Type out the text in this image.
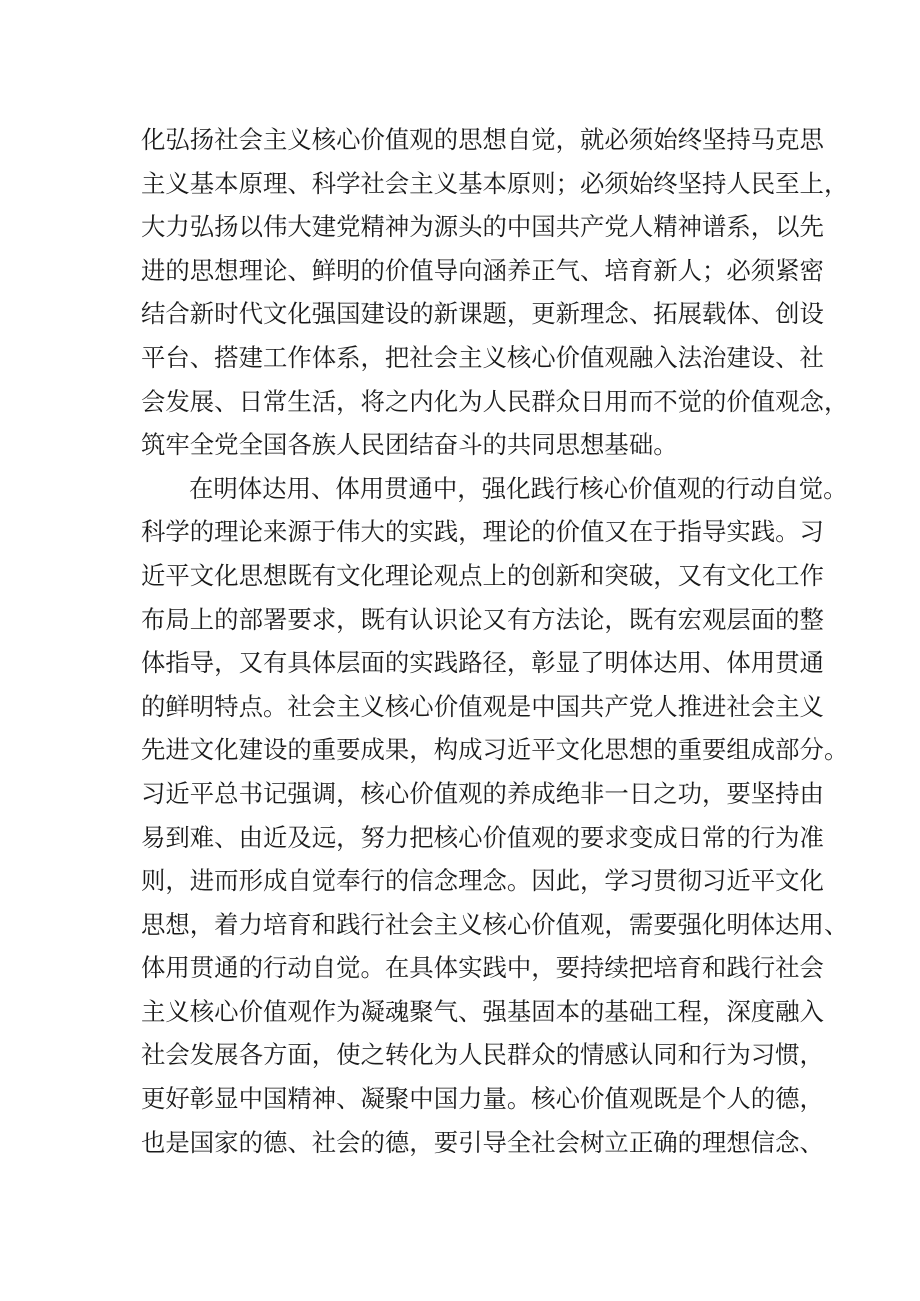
化弘扬社会主义核心价值观的思想自觉，就必须始终坚持马克思
主义基本原理、科学社会主义基本原则；必须始终坚持人民至上，
大力弘扬以伟大建党精神为源头的中国共产党人精神谱系，以先
进的思想理论、鲜明的价值导向涵养正气、培育新人；必须紧密
结合新时代文化强国建设的新课题，更新理念、拓展载体、创设
平台、搭建工作体系，把社会主义核心价值观融入法治建设、社
会发展、日常生活，将之内化为人民群众日用而不觉的价值观念，
筑牢全党全国各族人民团结奋斗的共同思想基础。
在明体达用、体用贯通中，强化践行核心价值观的行动自觉。
科学的理论来源于伟大的实践，理论的价值又在于指导实践。习
近平文化思想既有文化理论观点上的创新和突破，又有文化工作
布局上的部署要求，既有认识论又有方法论，既有宏观层面的整
体指导，又有具体层面的实践路径，彰显了明体达用、体用贯通
的鲜明特点。社会主义核心价值观是中国共产党人推进社会主义
先进文化建设的重要成果，构成习近平文化思想的重要组成部分。
习近平总书记强调，核心价值观的养成绝非一日之功，要坚持由
易到难、由近及远，努力把核心价值观的要求变成日常的行为准
则，进而形成自觉奉行的信念理念。因此，学习贯彻习近平文化
思想，着力培育和践行社会主义核心价值观，需要强化明体达用、
体用贯通的行动自觉。在具体实践中，要持续把培育和践行社会
主义核心价值观作为凝魂聚气、强基固本的基础工程，深度融入
社会发展各方面，使之转化为人民群众的情感认同和行为习惯，
更好彰显中国精神、凝聚中国力量。核心价值观既是个人的德，
也是国家的德、社会的德，要引导全社会树立正确的理想信念、
